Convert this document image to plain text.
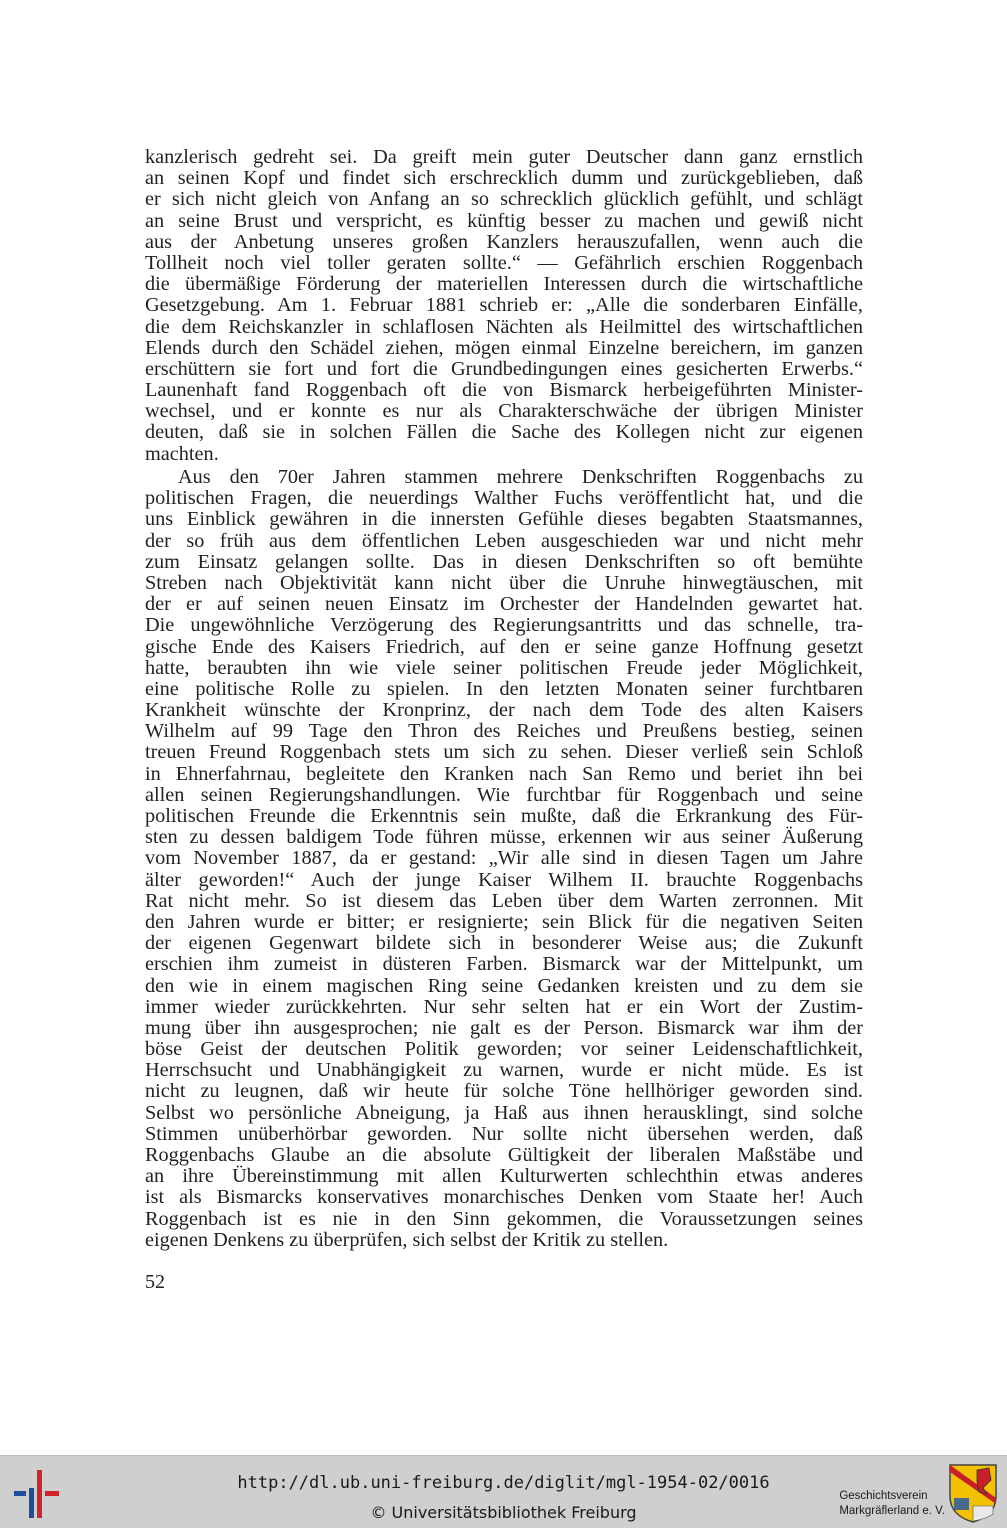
kanzlerisch gedreht sei. Da greift mein guter Deutscher dann ganz ernstlich
an seinen Kopf und findet sich erschrecklich dumm und zurückgeblieben, daß
er sich nicht gleich von Anfang an so schrecklich glücklich gefühlt, und schlägt
an seine Brust und verspricht, es künftig besser zu machen und gewiß nicht
aus der Anbetung unseres großen Kanzlers herauszufallen, wenn auch die
Tollheit noch viel toller geraten sollte.“ — Gefährlich erschien Roggenbach
die übermäßige Förderung der materiellen Interessen durch die wirtschaftliche
Gesetzgebung. Am 1. Februar 1881 schrieb er: „Alle die sonderbaren Einfälle,
die dem Reichskanzler in schlaflosen Nächten als Heilmittel des wirtschaftlichen
Elends durch den Schädel ziehen, mögen einmal Einzelne bereichern, im ganzen
erschüttern sie fort und fort die Grundbedingungen eines gesicherten Erwerbs.“
Launenhaft fand Roggenbach oft die von Bismarck herbeigeführten Minister-
wechsel, und er konnte es nur als Charakterschwäche der übrigen Minister
deuten, daß sie in solchen Fällen die Sache des Kollegen nicht zur eigenen
machten.
Aus den 70er Jahren stammen mehrere Denkschriften Roggenbachs zu
politischen Fragen, die neuerdings Walther Fuchs veröffentlicht hat, und die
uns Einblick gewähren in die innersten Gefühle dieses begabten Staatsmannes,
der so früh aus dem öffentlichen Leben ausgeschieden war und nicht mehr
zum Einsatz gelangen sollte. Das in diesen Denkschriften so oft bemühte
Streben nach Objektivität kann nicht über die Unruhe hinwegtäuschen, mit
der er auf seinen neuen Einsatz im Orchester der Handelnden gewartet hat.
Die ungewöhnliche Verzögerung des Regierungsantritts und das schnelle, tra-
gische Ende des Kaisers Friedrich, auf den er seine ganze Hoffnung gesetzt
hatte, beraubten ihn wie viele seiner politischen Freude jeder Möglichkeit,
eine politische Rolle zu spielen. In den letzten Monaten seiner furchtbaren
Krankheit wünschte der Kronprinz, der nach dem Tode des alten Kaisers
Wilhelm auf 99 Tage den Thron des Reiches und Preußens bestieg, seinen
treuen Freund Roggenbach stets um sich zu sehen. Dieser verließ sein Schloß
in Ehnerfahrnau, begleitete den Kranken nach San Remo und beriet ihn bei
allen seinen Regierungshandlungen. Wie furchtbar für Roggenbach und seine
politischen Freunde die Erkenntnis sein mußte, daß die Erkrankung des Für-
sten zu dessen baldigem Tode führen müsse, erkennen wir aus seiner Äußerung
vom November 1887, da er gestand: „Wir alle sind in diesen Tagen um Jahre
älter geworden!“ Auch der junge Kaiser Wilhem II. brauchte Roggenbachs
Rat nicht mehr. So ist diesem das Leben über dem Warten zerronnen. Mit
den Jahren wurde er bitter; er resignierte; sein Blick für die negativen Seiten
der eigenen Gegenwart bildete sich in besonderer Weise aus; die Zukunft
erschien ihm zumeist in düsteren Farben. Bismarck war der Mittelpunkt, um
den wie in einem magischen Ring seine Gedanken kreisten und zu dem sie
immer wieder zurückkehrten. Nur sehr selten hat er ein Wort der Zustim-
mung über ihn ausgesprochen; nie galt es der Person. Bismarck war ihm der
böse Geist der deutschen Politik geworden; vor seiner Leidenschaftlichkeit,
Herrschsucht und Unabhängigkeit zu warnen, wurde er nicht müde. Es ist
nicht zu leugnen, daß wir heute für solche Töne hellhöriger geworden sind.
Selbst wo persönliche Abneigung, ja Haß aus ihnen herausklingt, sind solche
Stimmen unüberhörbar geworden. Nur sollte nicht übersehen werden, daß
Roggenbachs Glaube an die absolute Gültigkeit der liberalen Maßstäbe und
an ihre Übereinstimmung mit allen Kulturwerten schlechthin etwas anderes
ist als Bismarcks konservatives monarchisches Denken vom Staate her! Auch
Roggenbach ist es nie in den Sinn gekommen, die Voraussetzungen seines
eigenen Denkens zu überprüfen, sich selbst der Kritik zu stellen.
52
http://dl.ub.uni-freiburg.de/diglit/mgl-1954-02/0016
© Universitätsbibliothek Freiburg
Geschichtsverein
Markgräflerland e. V.
